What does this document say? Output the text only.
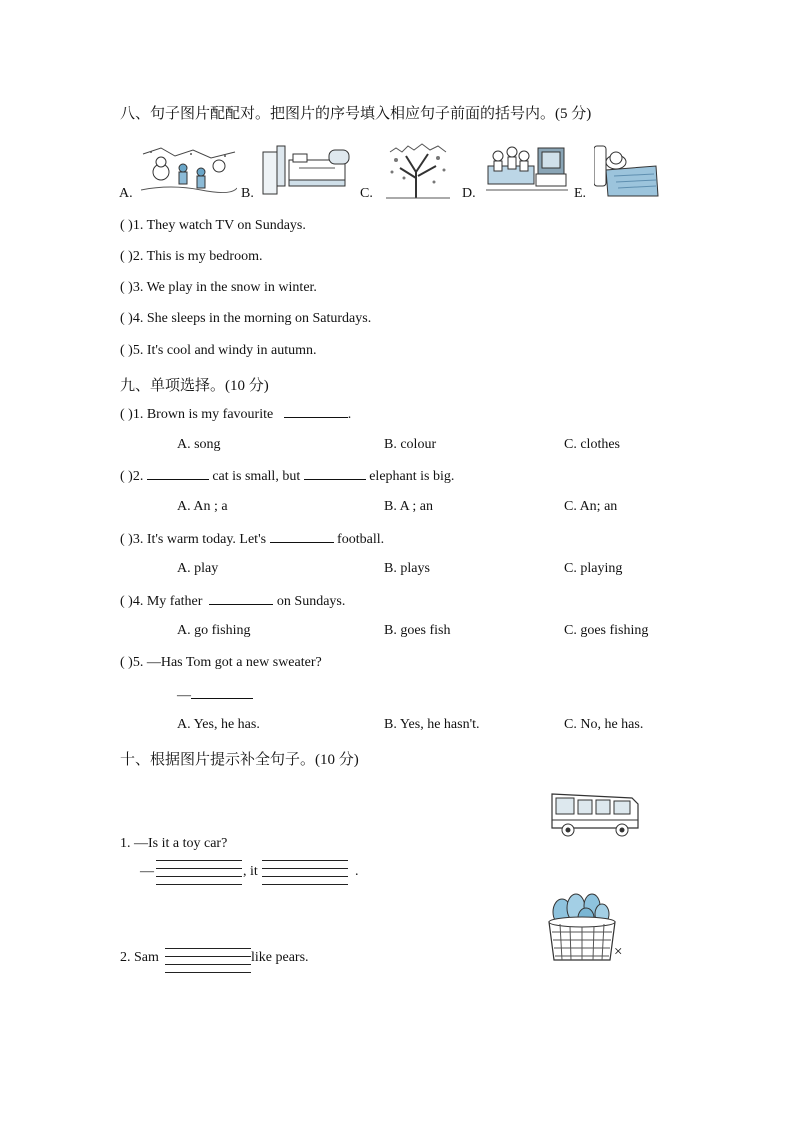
八、句子图片配配对。把图片的序号填入相应句子前面的括号内。(5 分)
A.	B.	C.	D.	E.
( )1. They watch TV on Sundays.
( )2. This is my bedroom.
( )3. We play in the snow in winter.
( )4. She sleeps in the morning on Saturdays.
( )5. It's cool and windy in autumn.
九、单项选择。(10 分)
( )1. Brown is my favourite	.
A. song	B. colour	C. clothes
( )2.	cat is small, but	elephant is big.
A. An ; a	B. A ; an	C. An; an
( )3. It's warm today. Let's	football.
A. play	B. plays	C. playing
( )4. My father	on Sundays.
A. go fishing	B. goes fish	C. goes fishing
( )5. —Has Tom got a new sweater?
—
A. Yes, he has.	B. Yes, he hasn't.	C. No, he has.
十、根据图片提示补全句子。(10 分)
1. —Is it a toy car?
—	, it	.
×
2. Sam	like pears.
